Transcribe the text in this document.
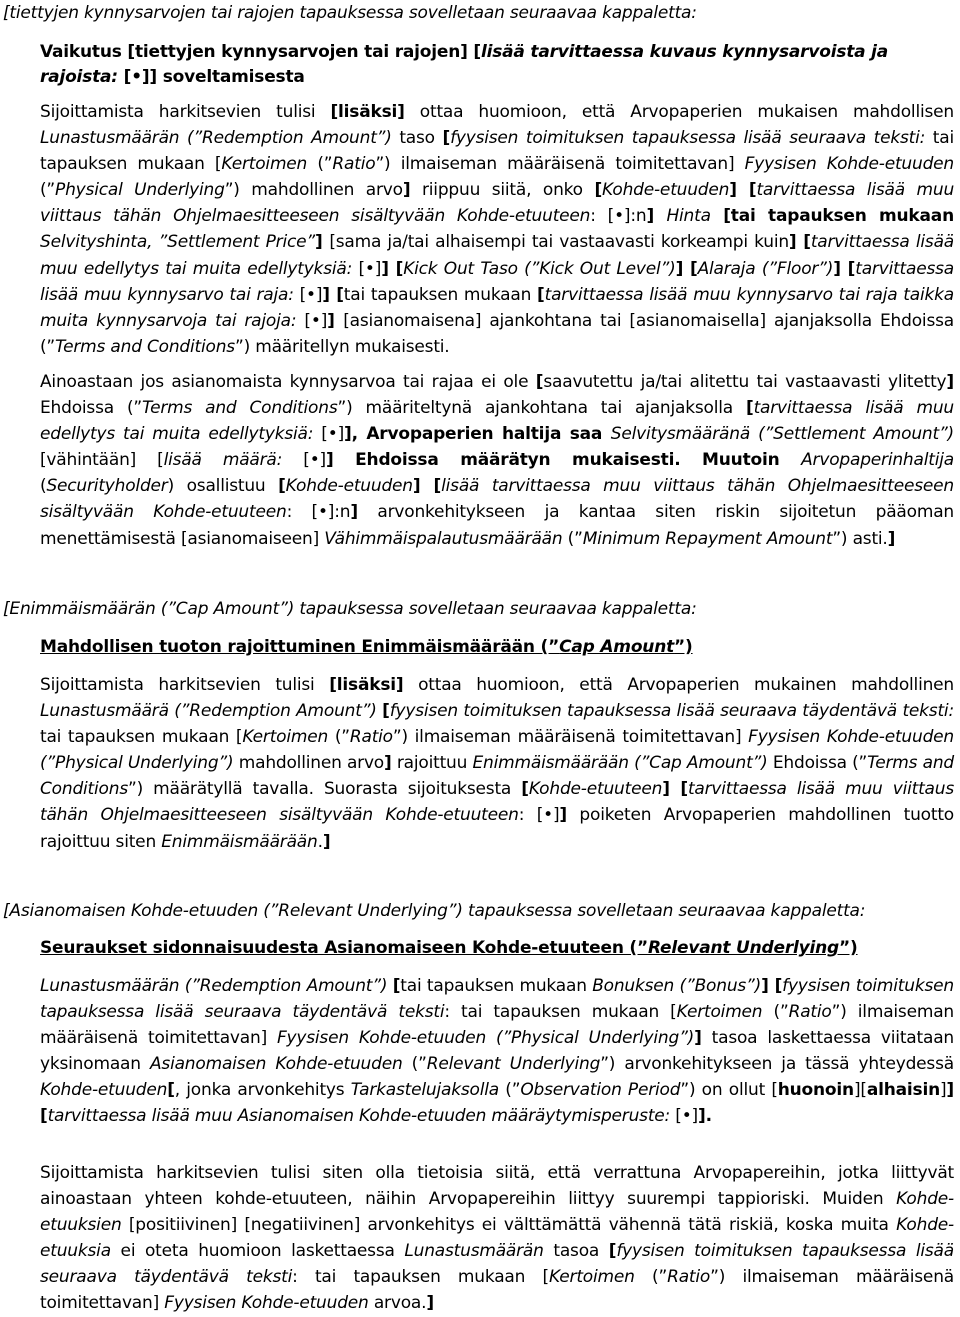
[tiettyjen kynnysarvojen tai rajojen tapauksessa sovelletaan seuraavaa kappaletta:
Vaikutus [tiettyjen kynnysarvojen tai rajojen] [lisää tarvittaessa kuvaus kynnysarvoista ja rajoista: [•]] soveltamisesta

Sijoittamista harkitsevien tulisi [lisäksi] ottaa huomioon, että Arvopaperien mukaisen mahdollisen Lunastusmäärän (”Redemption Amount”) taso [fyysisen toimituksen tapauksessa lisää seuraava teksti: tai tapauksen mukaan [Kertoimen (”Ratio”) ilmaiseman määräisenä toimitettavan] Fyysisen Kohde-etuuden (”Physical Underlying”) mahdollinen arvo] riippuu siitä, onko [Kohde-etuuden] [tarvittaessa lisää muu viittaus tähän Ohjelmaesitteeseen sisältyvään Kohde-etuuteen: [•]:n] Hinta [tai tapauksen mukaan Selvityshinta, ”Settlement Price”] [sama ja/tai alhaisempi tai vastaavasti korkeampi kuin] [tarvittaessa lisää muu edellytys tai muita edellytyksiä: [•]] [Kick Out Taso (”Kick Out Level”)] [Alaraja (”Floor”)] [tarvittaessa lisää muu kynnysarvo tai raja: [•]] [tai tapauksen mukaan [tarvittaessa lisää muu kynnysarvo tai raja taikka muita kynnysarvoja tai rajoja: [•]] [asianomaisena] ajankohtana tai [asianomaisella] ajanjaksolla Ehdoissa (”Terms and Conditions”) määritellyn mukaisesti.

Ainoastaan jos asianomaista kynnysarvoa tai rajaa ei ole [saavutettu ja/tai alitettu tai vastaavasti ylitetty] Ehdoissa (”Terms and Conditions”) määriteltynä ajankohtana tai ajanjaksolla [tarvittaessa lisää muu edellytys tai muita edellytyksiä: [•]], Arvopaperien haltija saa Selvitysmääränä (”Settlement Amount”) [vähintään] [lisää määrä: [•]] Ehdoissa määrätyn mukaisesti. Muutoin Arvopaperinhaltija (Securityholder) osallistuu [Kohde-etuuden] [lisää tarvittaessa muu viittaus tähän Ohjelmaesitteeseen sisältyvään Kohde-etuuteen: [•]:n] arvonkehitykseen ja kantaa siten riskin sijoitetun pääoman menettämisestä [asianomaiseen] Vähimmäispalautusmäärään (”Minimum Repayment Amount”) asti.]

[Enimmäismäärän (”Cap Amount”) tapauksessa sovelletaan seuraavaa kappaletta:
Mahdollisen tuoton rajoittuminen Enimmäismäärään (”Cap Amount”)

Sijoittamista harkitsevien tulisi [lisäksi] ottaa huomioon, että Arvopaperien mukainen mahdollinen Lunastusmäärä (”Redemption Amount”) [fyysisen toimituksen tapauksessa lisää seuraava täydentävä teksti: tai tapauksen mukaan [Kertoimen (”Ratio”) ilmaiseman määräisenä toimitettavan] Fyysisen Kohde-etuuden (”Physical Underlying”) mahdollinen arvo] rajoittuu Enimmäismäärään (”Cap Amount”) Ehdoissa (”Terms and Conditions”) määrätyllä tavalla. Suorasta sijoituksesta [Kohde-etuuteen] [tarvittaessa lisää muu viittaus tähän Ohjelmaesitteeseen sisältyvään Kohde-etuuteen: [•]] poiketen Arvopaperien mahdollinen tuotto rajoittuu siten Enimmäismäärään.]

[Asianomaisen Kohde-etuuden (”Relevant Underlying”) tapauksessa sovelletaan seuraavaa kappaletta:
Seuraukset sidonnaisuudesta Asianomaiseen Kohde-etuuteen (”Relevant Underlying”)

Lunastusmäärän (”Redemption Amount”) [tai tapauksen mukaan Bonuksen (”Bonus”)] [fyysisen toimituksen tapauksessa lisää seuraava täydentävä teksti: tai tapauksen mukaan [Kertoimen (”Ratio”) ilmaiseman määräisenä toimitettavan] Fyysisen Kohde-etuuden (”Physical Underlying”)] tasoa laskettaessa viitataan yksinomaan Asianomaisen Kohde-etuuden (”Relevant Underlying”) arvonkehitykseen ja tässä yhteydessä Kohde-etuuden[, jonka arvonkehitys Tarkastelujaksolla (”Observation Period”) on ollut [huonoin][alhaisin]] [tarvittaessa lisää muu Asianomaisen Kohde-etuuden määräytymisperuste: [•]].

Sijoittamista harkitsevien tulisi siten olla tietoisia siitä, että verrattuna Arvopapereihin, jotka liittyvät ainoastaan yhteen kohde-etuuteen, näihin Arvopapereihin liittyy suurempi tappioriski. Muiden Kohde-etuuksien [positiivinen] [negatiivinen] arvonkehitys ei välttämättä vähennä tätä riskiä, koska muita Kohde-etuuksia ei oteta huomioon laskettaessa Lunastusmäärän tasoa [fyysisen toimituksen tapauksessa lisää seuraava täydentävä teksti: tai tapauksen mukaan [Kertoimen (”Ratio”) ilmaiseman määräisenä toimitettavan] Fyysisen Kohde-etuuden arvoa.]
